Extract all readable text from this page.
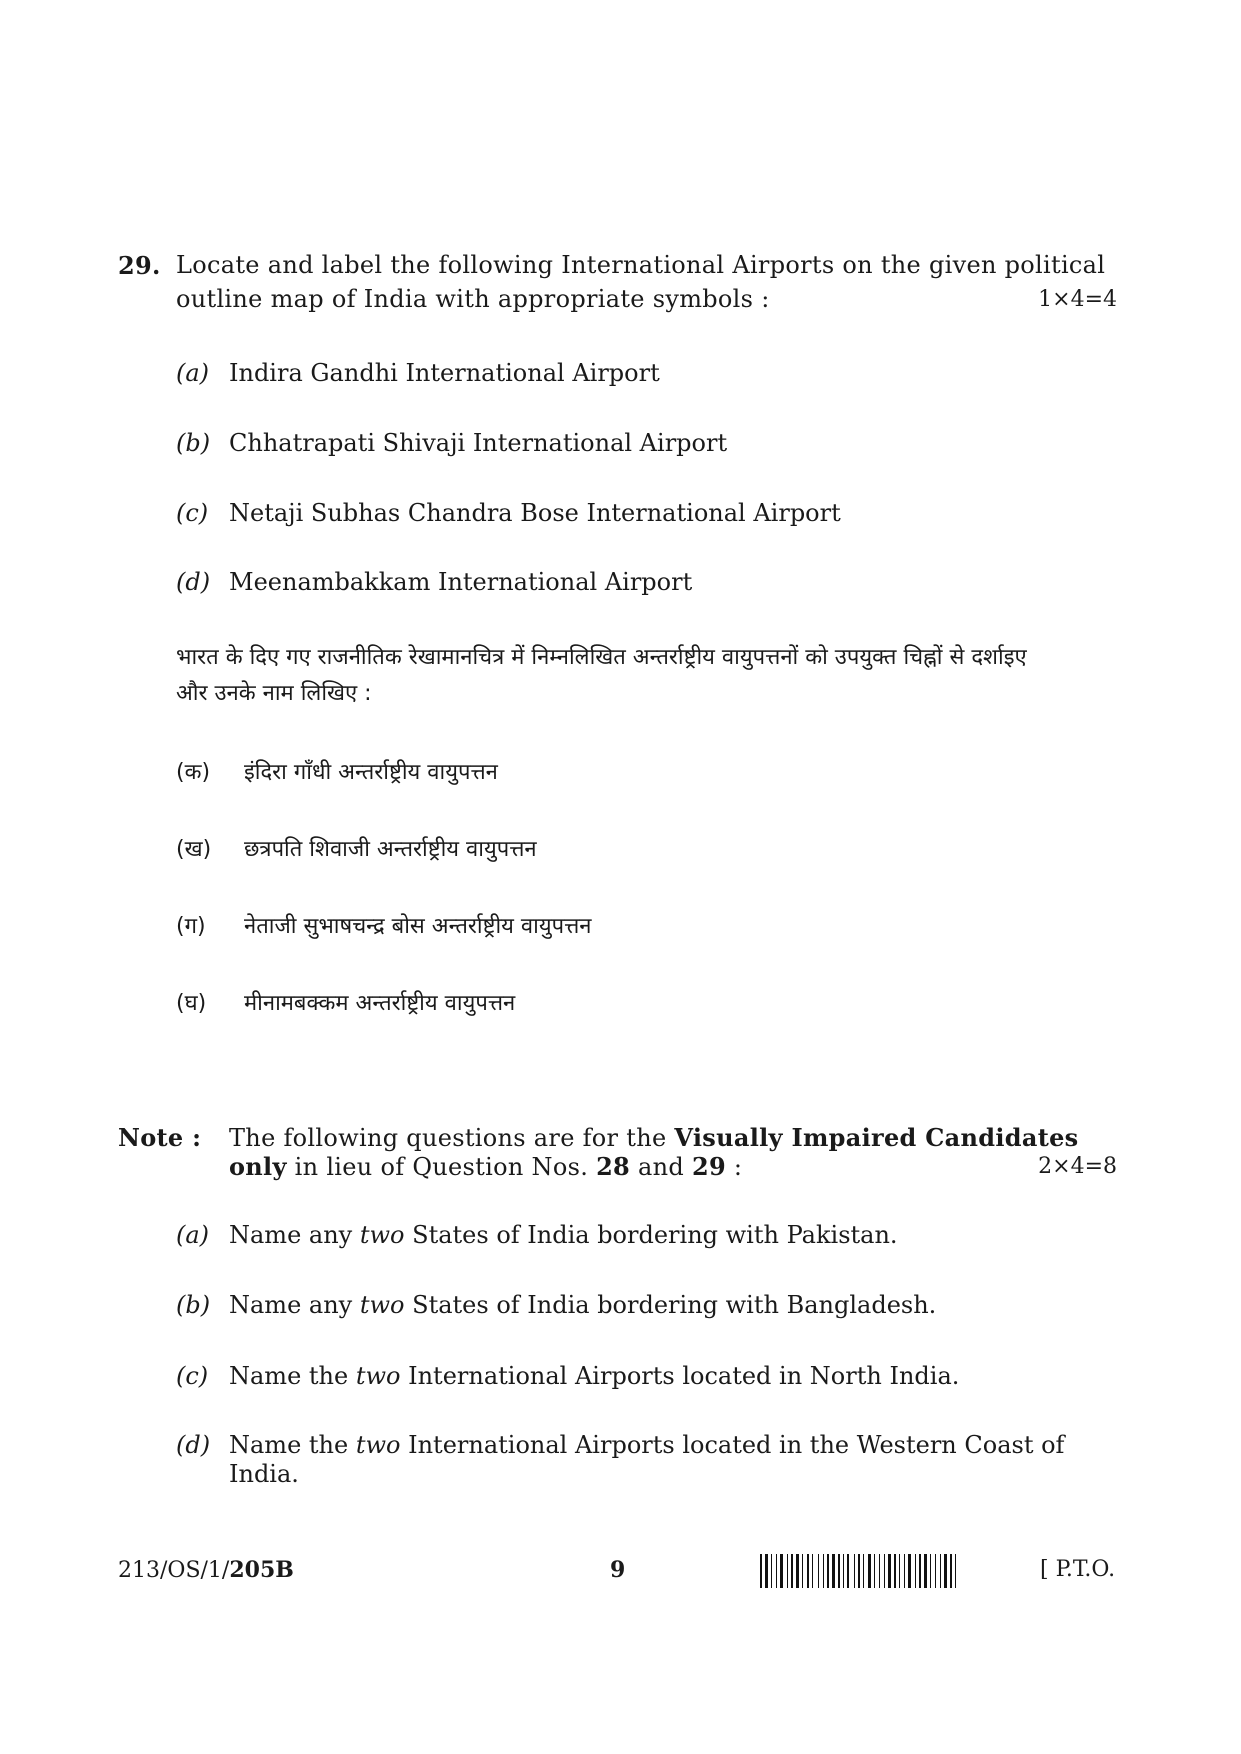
29. Locate and label the following International Airports on the given political
outline map of India with appropriate symbols :	1×4=4
(a) Indira Gandhi International Airport
(b) Chhatrapati Shivaji International Airport
(c) Netaji Subhas Chandra Bose International Airport
(d) Meenambakkam International Airport
भारत के दिए गए राजनीतिक रेखामानचित्र में निम्नलिखित अन्तर्राष्ट्रीय वायुपत्तनों को उपयुक्त चिह्नों से दर्शाइए
और उनके नाम लिखिए :
(क) इंदिरा गाँधी अन्तर्राष्ट्रीय वायुपत्तन
(ख) छत्रपति शिवाजी अन्तर्राष्ट्रीय वायुपत्तन
(ग) नेताजी सुभाषचन्द्र बोस अन्तर्राष्ट्रीय वायुपत्तन
(घ) मीनामबक्कम अन्तर्राष्ट्रीय वायुपत्तन
Note : The following questions are for the Visually Impaired Candidates
only in lieu of Question Nos. 28 and 29 :	2×4=8
(a) Name any two States of India bordering with Pakistan.
(b) Name any two States of India bordering with Bangladesh.
(c) Name the two International Airports located in North India.
(d) Name the two International Airports located in the Western Coast of
India.
213/OS/1/205B	9	[ P.T.O.
